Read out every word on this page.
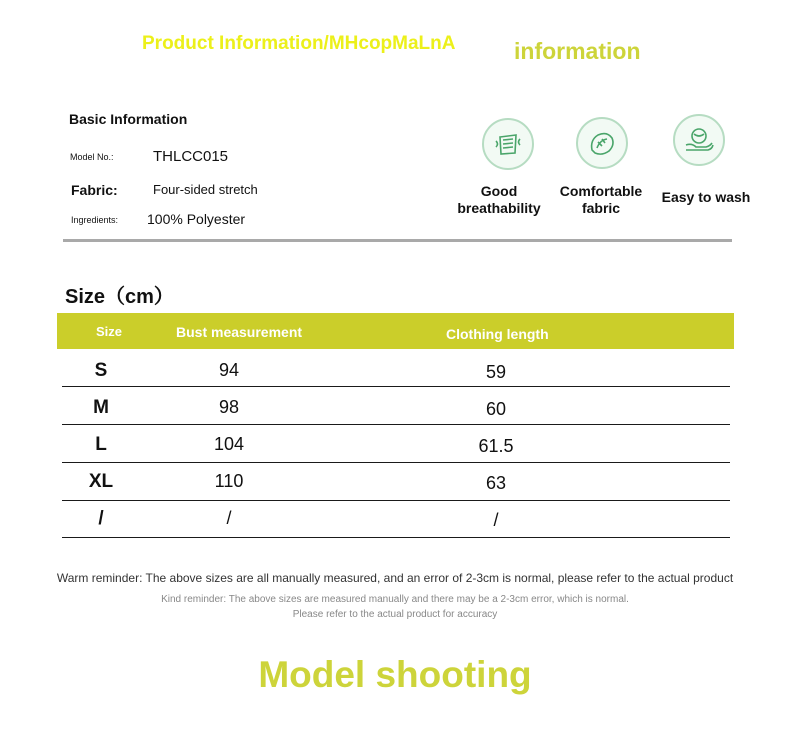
Product Information/MHcopMaLnA	information
Basic Information
Model No.:	THLCC015
Fabric:	Four-sided stretch
Ingredients: 100% Polyester
Good
breathability
Comfortable
fabric
Easy to wash
Size（cm）
Size	Bust measurement	Clothing length
S	94	59
M	98	60
L	104	61.5
XL	110	63
/	/	/
Warm reminder: The above sizes are all manually measured, and an error of 2-3cm is normal, please refer to the actual product
Kind reminder: The above sizes are measured manually and there may be a 2-3cm error, which is normal.
Please refer to the actual product for accuracy
Model shooting
